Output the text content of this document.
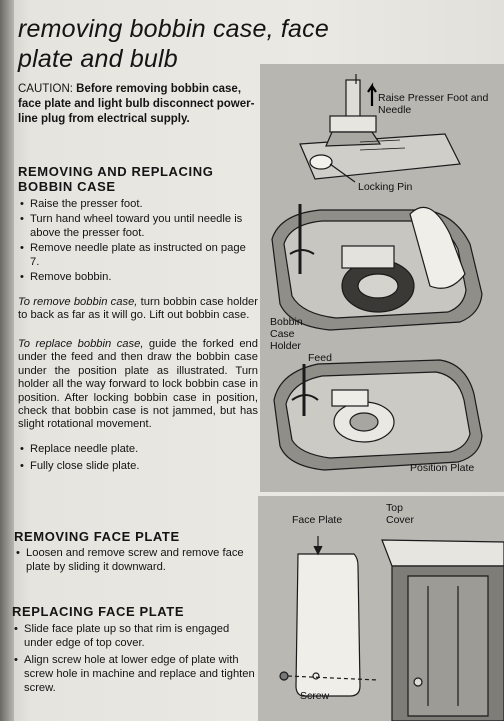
removing bobbin case, face plate and bulb
CAUTION: Before removing bobbin case, face plate and light bulb disconnect power-line plug from electrical supply.
REMOVING AND REPLACING BOBBIN CASE
• Raise the presser foot.
• Turn hand wheel toward you until needle is above the presser foot.
• Remove needle plate as instructed on page 7.
• Remove bobbin.
To remove bobbin case, turn bobbin case holder to back as far as it will go. Lift out bobbin case.
To replace bobbin case, guide the forked end under the feed and then draw the bobbin case under the position plate as illustrated. Turn holder all the way forward to lock bobbin case in position. After locking bobbin case in position, check that bobbin case is not jammed, but has slight rotational movement.
• Replace needle plate.
• Fully close slide plate.
REMOVING FACE PLATE
• Loosen and remove screw and remove face plate by sliding it downward.
REPLACING FACE PLATE
• Slide face plate up so that rim is engaged under edge of top cover.
• Align screw hole at lower edge of plate with screw hole in machine and replace and tighten screw.
Raise Presser Foot and Needle
Locking Pin
Bobbin Case Holder
Feed
Position Plate
Face Plate
Top Cover
Screw
